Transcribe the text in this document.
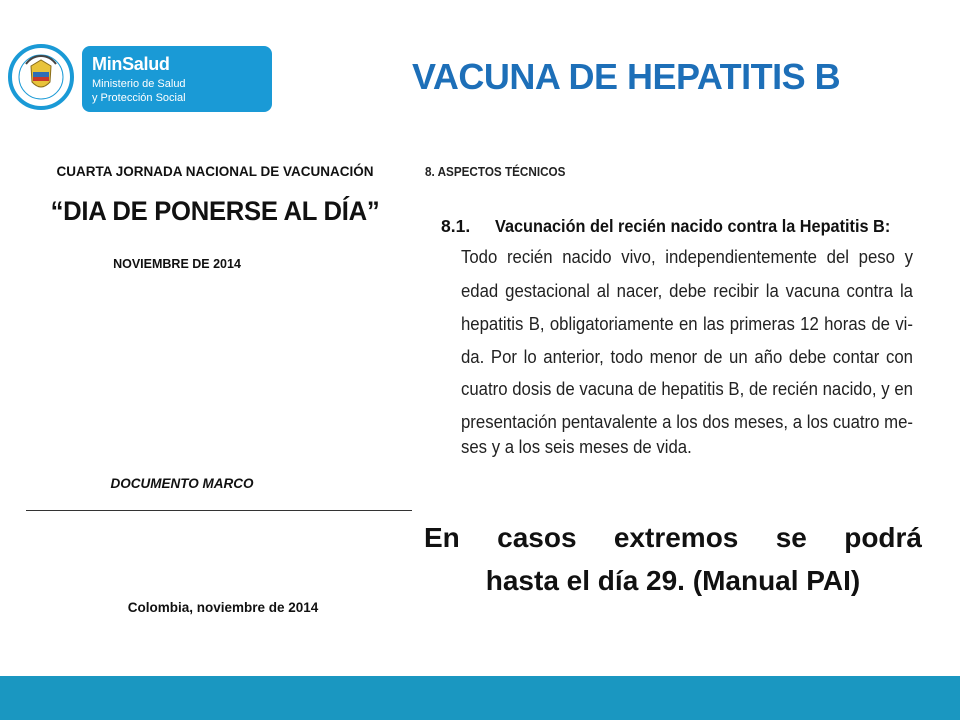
MinSalud
Ministerio de Salud
y Protección Social
VACUNA DE HEPATITIS B
CUARTA JORNADA NACIONAL DE VACUNACIÓN
“DIA DE PONERSE AL DÍA”
NOVIEMBRE DE 2014
DOCUMENTO MARCO
Colombia, noviembre de 2014
8. ASPECTOS TÉCNICOS
8.1. Vacunación del recién nacido contra la Hepatitis B:
Todo recién nacido vivo, independientemente del peso y
edad gestacional al nacer, debe recibir la vacuna contra la
hepatitis B, obligatoriamente en las primeras 12 horas de vi-
da. Por lo anterior, todo menor de un año debe contar con
cuatro dosis de vacuna de hepatitis B, de recién nacido, y en
presentación pentavalente a los dos meses, a los cuatro me-
ses y a los seis meses de vida.
En casos extremos se podrá
hasta el día 29. (Manual PAI)
